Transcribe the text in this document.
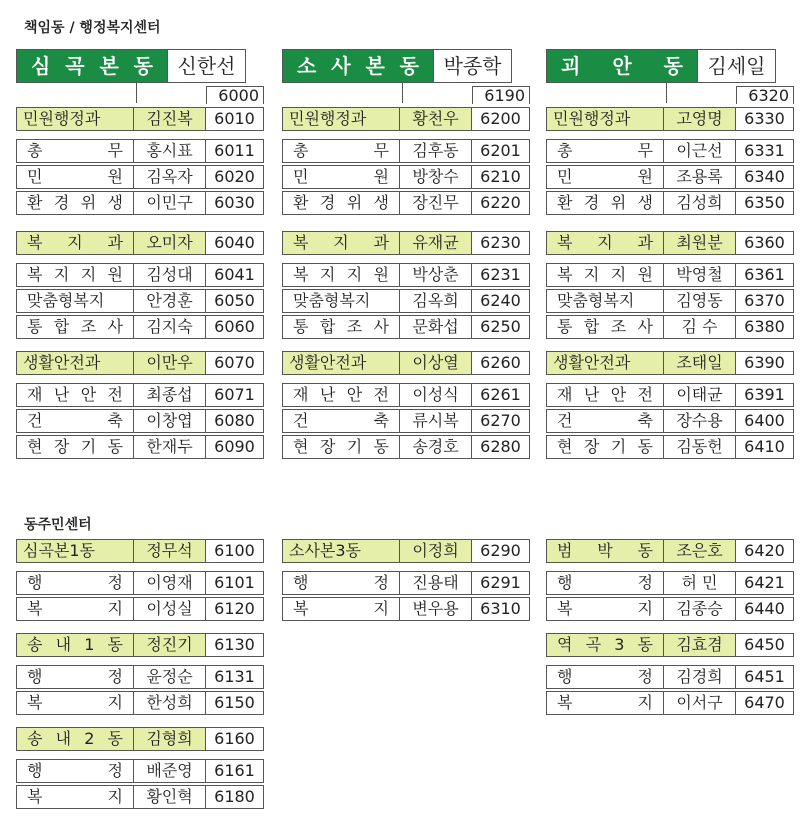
책임동 / 행정복지센터
동주민센터
심 곡 본 동	신한선
6000
민원행정과	김진복	6010
총 무	홍시표	6011
민 원	김옥자	6020
환 경 위 생	이민구	6030
복 지 과	오미자	6040
복 지 지 원	김성대	6041
맞춤형복지	안경훈	6050
통 합 조 사	김지숙	6060
생활안전과	이만우	6070
재 난 안 전	최종섭	6071
건 축	이창엽	6080
현 장 기 동	한재두	6090
소 사 본 동	박종학
6190
민원행정과	황천우	6200
총 무	김후동	6201
민 원	방창수	6210
환 경 위 생	장진무	6220
복 지 과	유재균	6230
복 지 지 원	박상춘	6231
맞춤형복지	김옥희	6240
통 합 조 사	문화섭	6250
생활안전과	이상열	6260
재 난 안 전	이성식	6261
건 축	류시복	6270
현 장 기 동	송경호	6280
괴 안 동	김세일
6320
민원행정과	고영명	6330
총 무	이근선	6331
민 원	조용록	6340
환 경 위 생	김성희	6350
복 지 과	최원분	6360
복 지 지 원	박영철	6361
맞춤형복지	김영동	6370
통 합 조 사	김 수	6380
생활안전과	조태일	6390
재 난 안 전	이태균	6391
건 축	장수용	6400
현 장 기 동	김동헌	6410
심곡본1동	정무석	6100
행 정	이영재	6101
복 지	이성실	6120
송 내 1 동	정진기	6130
행 정	윤정순	6131
복 지	한성희	6150
송 내 2 동	김형희	6160
행 정	배준영	6161
복 지	황인혁	6180
소사본3동	이정희	6290
행 정	진용태	6291
복 지	변우용	6310
범 박 동	조은호	6420
행 정	허 민	6421
복 지	김종승	6440
역 곡 3 동	김효겸	6450
행 정	김경희	6451
복 지	이서구	6470
